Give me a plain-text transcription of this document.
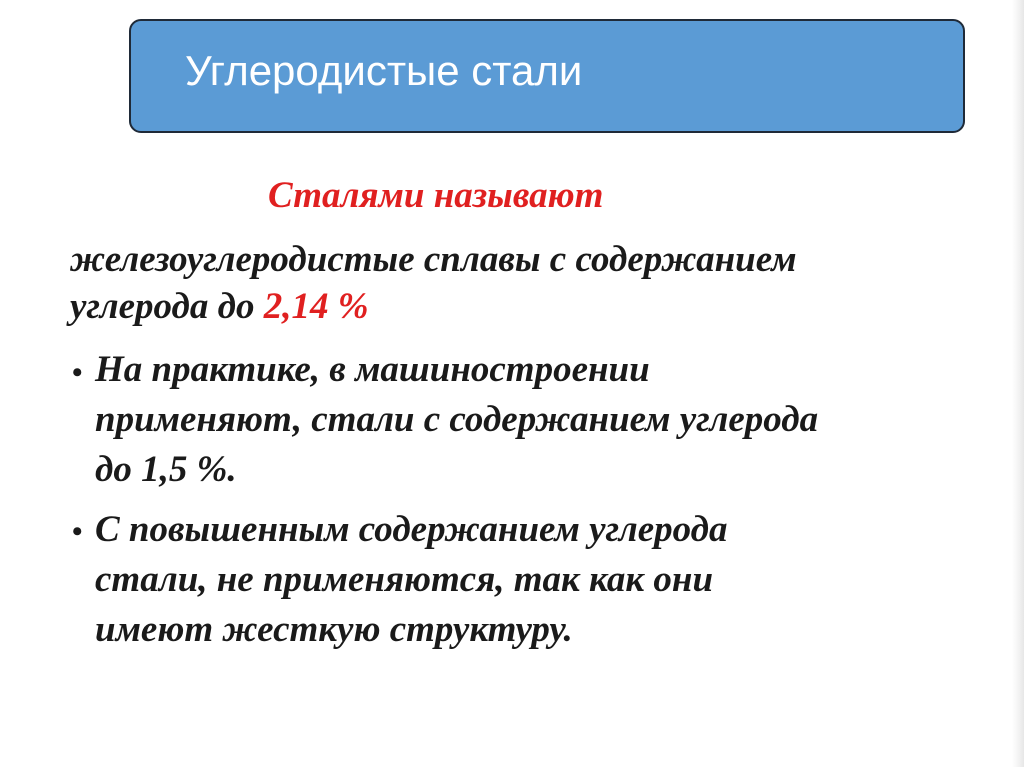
Углеродистые стали
Сталями называют
железоуглеродистые сплавы с содержанием
углерода до 2,14 %
• На практике, в машиностроении
применяют, стали с содержанием углерода
до 1,5 %.
• С повышенным содержанием углерода
стали, не применяются, так как они
имеют жесткую структуру.
